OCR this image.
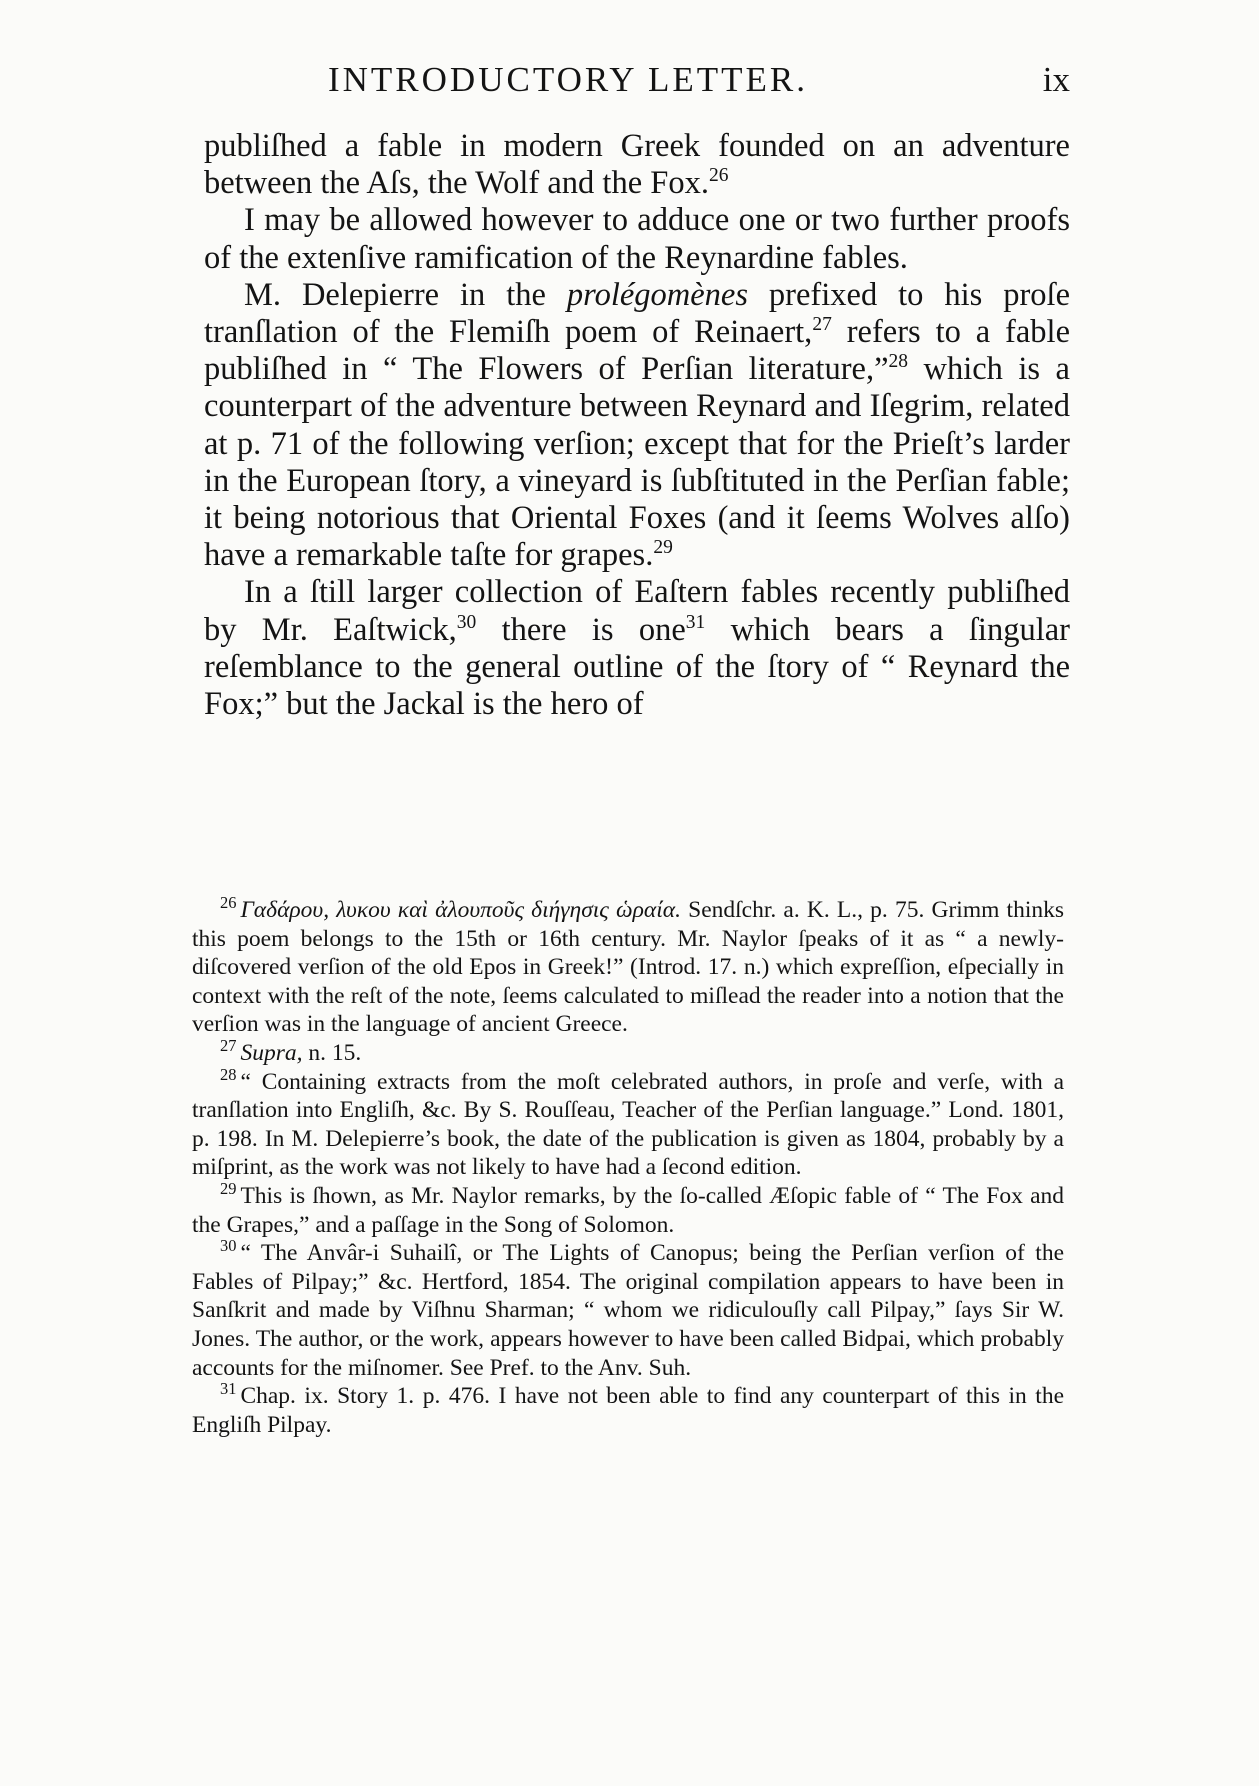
INTRODUCTORY LETTER.	ix

publiſhed a fable in modern Greek founded on an adventure between the Aſs, the Wolf and the Fox.$^{26}$

I may be allowed however to adduce one or two further proofs of the extenſive ramification of the Reynardine fables.

M. Delepierre in the prolégomènes prefixed to his proſe tranſlation of the Flemiſh poem of Reinaert,$^{27}$ refers to a fable publiſhed in “ The Flowers of Perſian literature,”$^{28}$ which is a counterpart of the adventure between Reynard and Iſegrim, related at p. 71 of the following verſion; except that for the Prieſt’s larder in the European ſtory, a vineyard is ſubſtituted in the Perſian fable; it being notorious that Oriental Foxes (and it ſeems Wolves alſo) have a remarkable taſte for grapes.$^{29}$

In a ſtill larger collection of Eaſtern fables recently publiſhed by Mr. Eaſtwick,$^{30}$ there is one$^{31}$ which bears a ſingular reſemblance to the general outline of the ſtory of “ Reynard the Fox;” but the Jackal is the hero of

$^{26}$ Γαδάρου, λυκου καὶ ἀλουποῦς διήγησις ὡραία. Sendſchr. a. K. L., p. 75. Grimm thinks this poem belongs to the 15th or 16th century. Mr. Naylor ſpeaks of it as “ a newly-diſcovered verſion of the old Epos in Greek!” (Introd. 17. n.) which expreſſion, eſpecially in context with the reſt of the note, ſeems calculated to miſlead the reader into a notion that the verſion was in the language of ancient Greece.

$^{27}$ Supra, n. 15.

$^{28}$ “ Containing extracts from the moſt celebrated authors, in proſe and verſe, with a tranſlation into Engliſh, &c. By S. Rouſſeau, Teacher of the Perſian language.” Lond. 1801, p. 198. In M. Delepierre’s book, the date of the publication is given as 1804, probably by a miſprint, as the work was not likely to have had a ſecond edition.

$^{29}$ This is ſhown, as Mr. Naylor remarks, by the ſo-called Æſopic fable of “ The Fox and the Grapes,” and a paſſage in the Song of Solomon.

$^{30}$ “ The Anvâr-i Suhailî, or The Lights of Canopus; being the Perſian verſion of the Fables of Pilpay;” &c. Hertford, 1854. The original compilation appears to have been in Sanſkrit and made by Viſhnu Sharman; “ whom we ridiculouſly call Pilpay,” ſays Sir W. Jones. The author, or the work, appears however to have been called Bidpai, which probably accounts for the miſnomer. See Pref. to the Anv. Suh.

$^{31}$ Chap. ix. Story 1. p. 476. I have not been able to find any counterpart of this in the Engliſh Pilpay.
